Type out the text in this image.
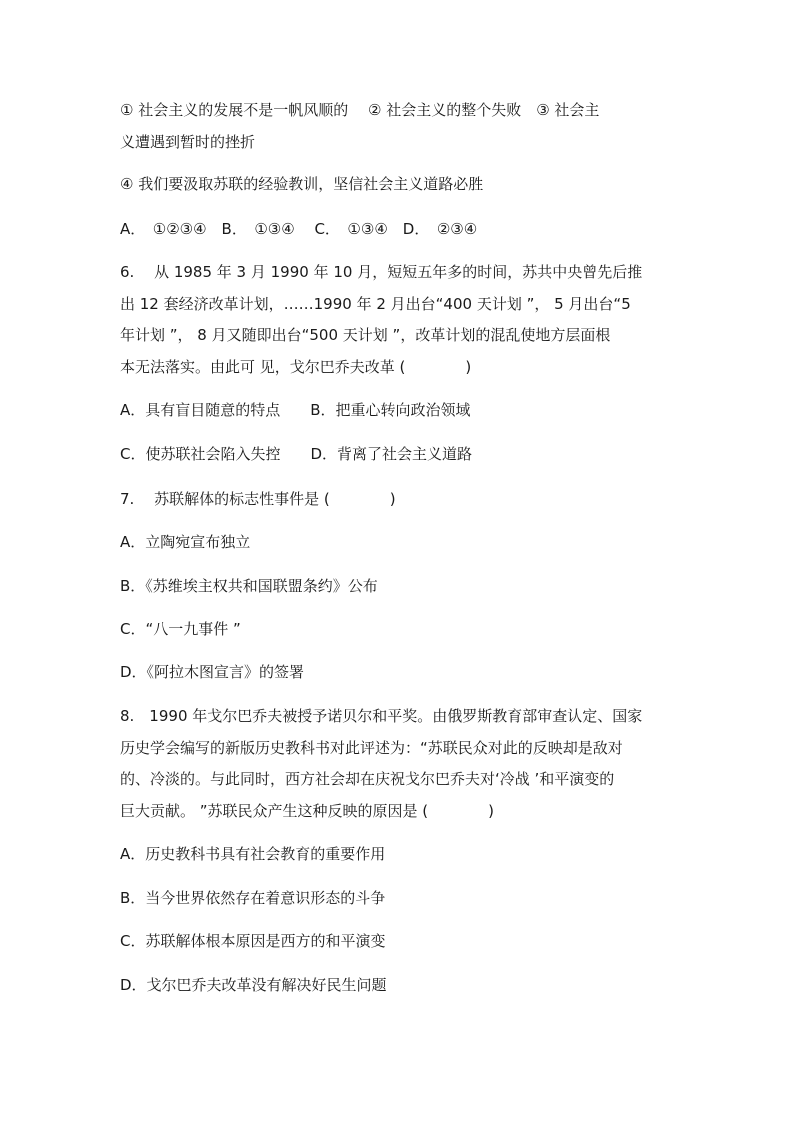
① 社会主义的发展不是一帆风顺的　 ② 社会主义的整个失败　③ 社会主
义遭遇到暂时的挫折
④ 我们要汲取苏联的经验教训，坚信社会主义道路必胜
A．　①②③④　B．　①③④　 C．　①③④　D．　②③④
6.　 从 1985 年 3 月 1990 年 10 月，短短五年多的时间，苏共中央曾先后推
出 12 套经济改革计划，……1990 年 2 月出台“400 天计划 ”， 5 月出台“5
年计划 ”， 8 月又随即出台“500 天计划 ”，改革计划的混乱使地方层面根
本无法落实。由此可 见，戈尔巴乔夫改革 (　　　　)
A．具有盲目随意的特点　　B．把重心转向政治领域
C．使苏联社会陷入失控　　D．背离了社会主义道路
7.　 苏联解体的标志性事件是 (　　　　)
A．立陶宛宣布独立
B．《苏维埃主权共和国联盟条约》公布
C．“八一九事件 ”
D．《阿拉木图宣言》的签署
8.　1990 年戈尔巴乔夫被授予诺贝尔和平奖。由俄罗斯教育部审查认定、国家
历史学会编写的新版历史教科书对此评述为：“苏联民众对此的反映却是敌对
的、冷淡的。与此同时，西方社会却在庆祝戈尔巴乔夫对‘冷战 ’和平演变的
巨大贡献。 ”苏联民众产生这种反映的原因是 (　　　　)
A．历史教科书具有社会教育的重要作用
B．当今世界依然存在着意识形态的斗争
C．苏联解体根本原因是西方的和平演变
D．戈尔巴乔夫改革没有解决好民生问题
